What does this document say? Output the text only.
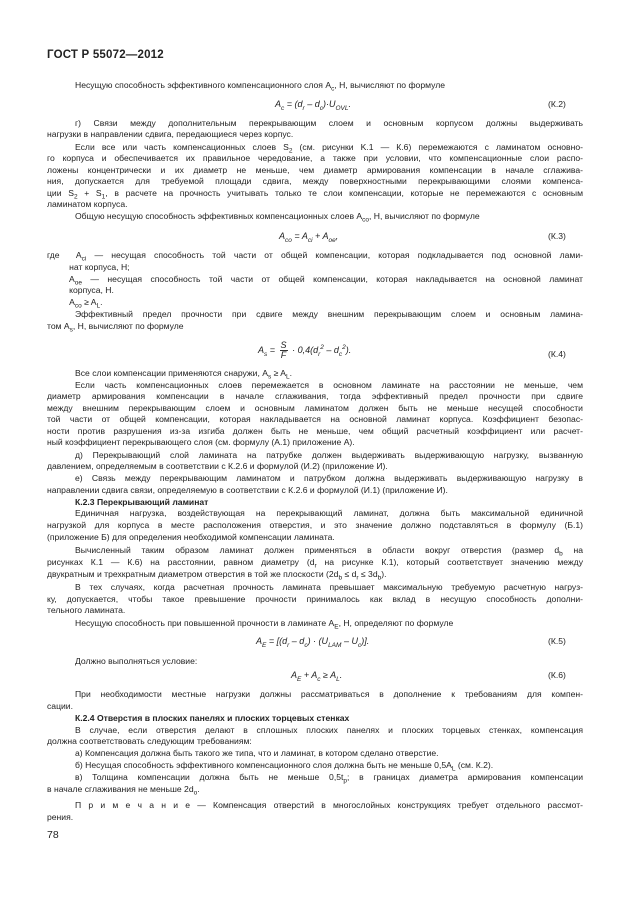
ГОСТ Р 55072—2012
Несущую способность эффективного компенсационного слоя $A_c$, Н, вычисляют по формуле
г) Связи между дополнительным перекрывающим слоем и основным корпусом должны выдерживать
нагрузки в направлении сдвига, передающиеся через корпус.
Если все или часть компенсационных слоев $S_2$ (см. рисунки K.1 — К.6) перемежаются с ламинатом основно-
го корпуса и обеспечивается их правильное чередование, а также при условии, что компенсационные слои распо-
ложены концентрически и их диаметр не меньше, чем диаметр армирования компенсации в начале сглажива-
ния, допускается для требуемой площади сдвига, между поверхностными перекрывающими слоями компенса-
ции $S_2 + S_1$, в расчете на прочность учитывать только те слои компенсации, которые не перемежаются с основным
ламинатом корпуса.
Общую несущую способность эффективных компенсационных слоев $A_{co}$, Н, вычисляют по формуле
где  $A_{ci}$ — несущая способность той части от общей компенсации, которая подкладывается под основной лами-
нат корпуса, Н;
$A_{oe}$ — несущая способность той части от общей компенсации, которая накладывается на основной ламинат
корпуса, Н.
$A_{co} \ge A_L$.
Эффективный предел прочности при сдвиге между внешним перекрывающим слоем и основным ламина-
том $A_s$, Н, вычисляют по формуле
Все слои компенсации применяются снаружи, $A_s \ge A_L$.
Если часть компенсационных слоев перемежается в основном ламинате на расстоянии не меньше, чем
диаметр армирования компенсации в начале сглаживания, тогда эффективный предел прочности при сдвиге
между внешним перекрывающим слоем и основным ламинатом должен быть не меньше несущей способности
той части от общей компенсации, которая накладывается на основной ламинат корпуса. Коэффициент безопас-
ности против разрушения из-за изгиба должен быть не меньше, чем общий расчетный коэффициент или расчет-
ный коэффициент перекрывающего слоя (см. формулу (А.1) приложение А).
д) Перекрывающий слой ламината на патрубке должен выдерживать выдерживающую нагрузку, вызванную
давлением, определяемым в соответствии с К.2.6 и формулой (И.2) (приложение И).
е) Связь между перекрывающим ламинатом и патрубком должна выдерживать выдерживающую нагрузку в
направлении сдвига связи, определяемую в соответствии с К.2.6 и формулой (И.1) (приложение И).
К.2.3 Перекрывающий ламинат
Единичная нагрузка, воздействующая на перекрывающий ламинат, должна быть максимальной единичной
нагрузкой для корпуса в месте расположения отверстия, и это значение должно подставляться в формулу (Б.1)
(приложение Б) для определения необходимой компенсации ламината.
Вычисленный таким образом ламинат должен применяться в области вокруг отверстия (размер $d_b$ на
рисунках К.1 — К.6) на расстоянии, равном диаметру ($d_r$ на рисунке К.1), который соответствует значению между
двукратным и трехкратным диаметром отверстия в той же плоскости $(2d_b \le d_r \le 3d_b)$.
В тех случаях, когда расчетная прочность ламината превышает максимальную требуемую расчетную нагруз-
ку, допускается, чтобы такое превышение прочности принималось как вклад в несущую способность дополни-
тельного ламината.
Несущую способность при повышенной прочности в ламинате $A_E$, Н, определяют по формуле
Должно выполняться условие:
При необходимости местные нагрузки должны рассматриваться в дополнение к требованиям для компен-
сации.
К.2.4 Отверстия в плоских панелях и плоских торцевых стенках
В случае, если отверстия делают в сплошных плоских панелях и плоских торцевых стенках, компенсация
должна соответствовать следующим требованиям:
а) Компенсация должна быть такого же типа, что и ламинат, в котором сделано отверстие.
б) Несущая способность эффективного компенсационного слоя должна быть не меньше $0,5A_L$ (см. К.2).
в) Толщина компенсации должна быть не меньше $0,5t_p$; в границах диаметра армирования компенсации
в начале сглаживания не меньше $2d_o$.
П р и м е ч а н и е — Компенсация отверстий в многослойных конструкциях требует отдельного рассмот-
рения.
$A_c = (d_r - d_c)\cdot U_{OVL}$.	(К.2)
$A_{co} = A_{ci} + A_{oe}$,	(К.3)
$A_E = [(d_r - d_c) \cdot (U_{LAM} - U_c)]$.	(К.5)
$A_E + A_c \ge A_L$.	(К.6)
$A_s = \frac{S}{F} \cdot 0,4(d_r^2 - d_c^2)$.	(К.4)
78
